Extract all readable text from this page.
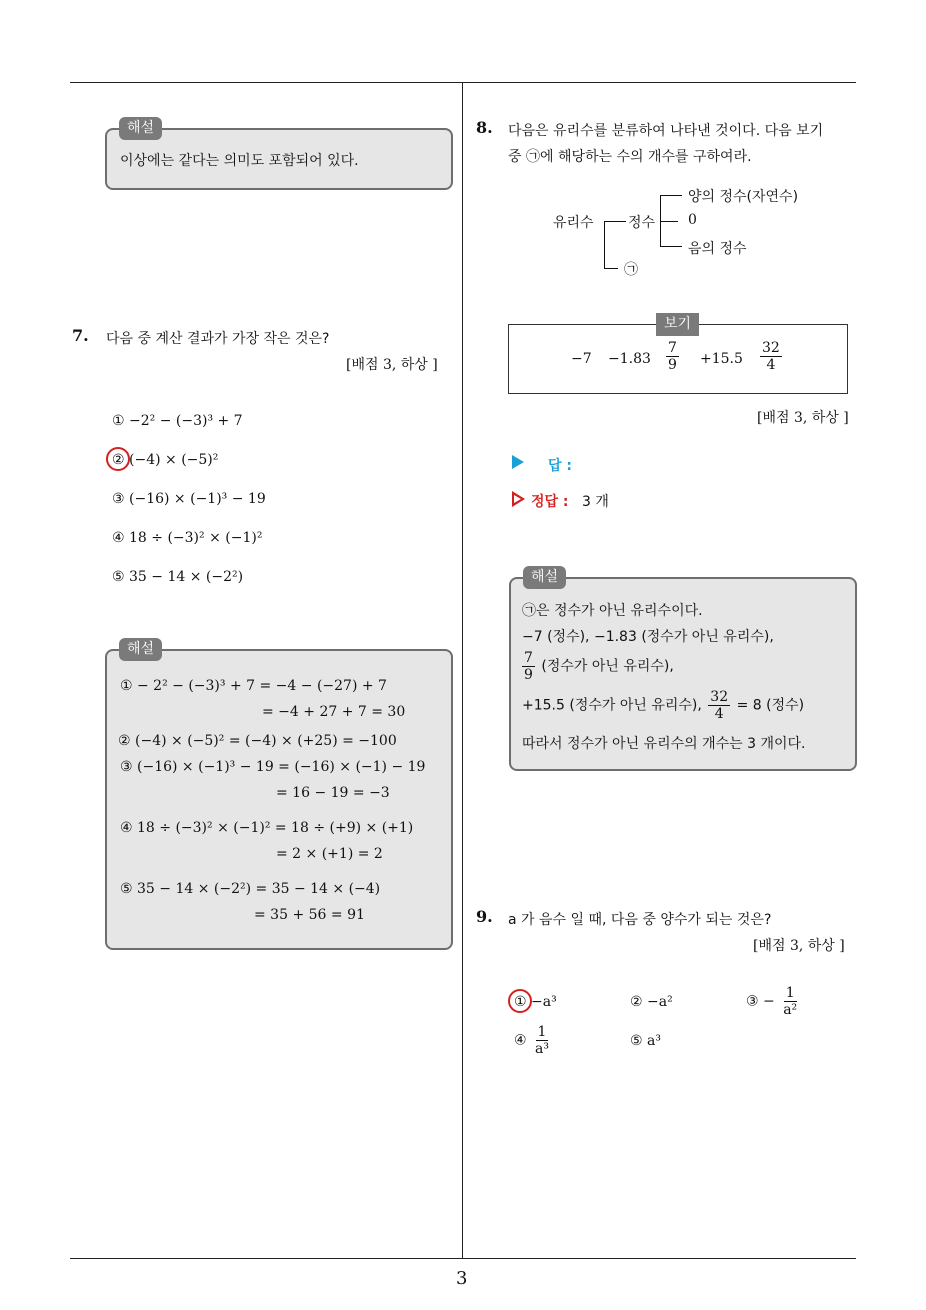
3
해설
이상에는 같다는 의미도 포함되어 있다.
7. 다음 중 계산 결과가 가장 작은 것은?
[배점 3, 하상 ]
① −2² − (−3)³ + 7
② (−4) × (−5)²
③ (−16) × (−1)³ − 19
④ 18 ÷ (−3)² × (−1)²
⑤ 35 − 14 × (−2²)
해설
① − 2² − (−3)³ + 7 = −4 − (−27) + 7
= −4 + 27 + 7 = 30
② (−4) × (−5)² = (−4) × (+25) = −100
③ (−16) × (−1)³ − 19 = (−16) × (−1) − 19
= 16 − 19 = −3
④ 18 ÷ (−3)² × (−1)² = 18 ÷ (+9) × (+1)
= 2 × (+1) = 2
⑤ 35 − 14 × (−2²) = 35 − 14 × (−4)
= 35 + 56 = 91
8. 다음은 유리수를 분류하여 나타낸 것이다. 다음 보기
중 ㉠에 해당하는 수의 개수를 구하여라.
유리수 정수
㉠
양의 정수(자연수)
0
음의 정수
보기
$-7 -1.83 \frac{7}{9} +15.5 \frac{32}{4}$
[배점 3, 하상 ]
답 :
정답 : 3 개
해설
㉠은 정수가 아닌 유리수이다.
−7 (정수), −1.83 (정수가 아닌 유리수),
$\frac{7}{9}$ (정수가 아닌 유리수),
+15.5 (정수가 아닌 유리수), $\frac{32}{4} = 8$ (정수)
따라서 정수가 아닌 유리수의 개수는 3 개이다.
9. a 가 음수 일 때, 다음 중 양수가 되는 것은?
[배점 3, 하상 ]
① −a³	② −a²	③ − $\frac{1}{\text{a²}}$
④ $\frac{1}{\text{a³}}$	⑤ a³
